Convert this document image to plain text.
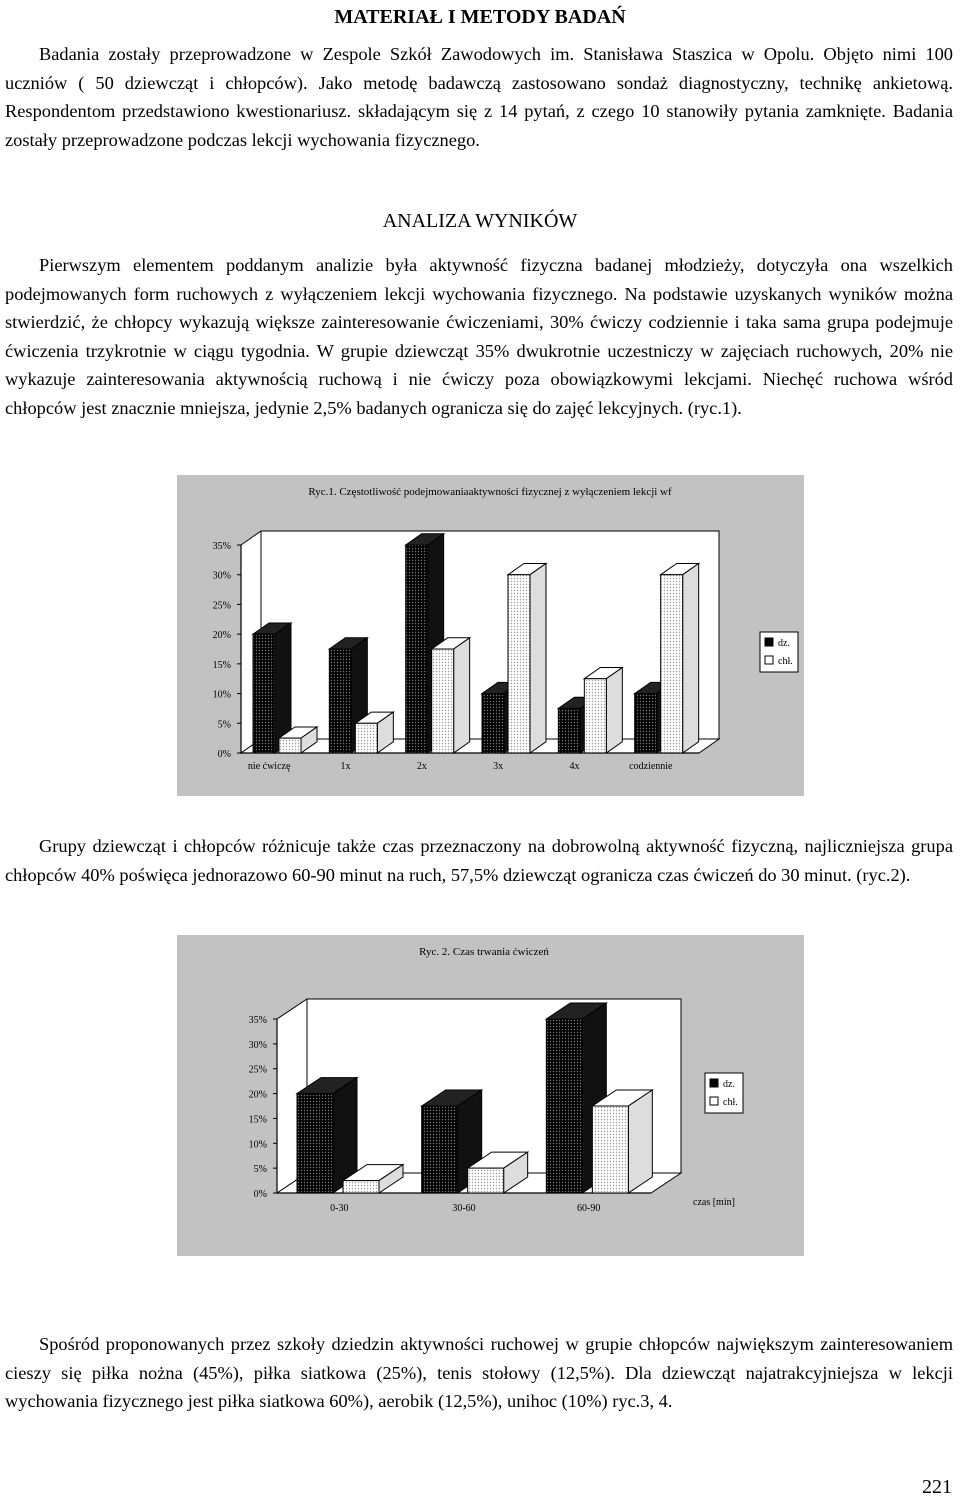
MATERIAŁ I METODY BADAŃ

Badania zostały przeprowadzone w Zespole Szkół Zawodowych im. Stanisława Staszica w Opolu. Objęto nimi 100 uczniów ( 50 dziewcząt i chłopców). Jako metodę badawczą zastosowano sondaż diagnostyczny, technikę ankietową. Respondentom przedstawiono kwestionariusz. składającym się z 14 pytań, z czego 10 stanowiły pytania zamknięte. Badania zostały przeprowadzone podczas lekcji wychowania fizycznego.

ANALIZA WYNIKÓW

Pierwszym elementem poddanym analizie była aktywność fizyczna badanej młodzieży, dotyczyła ona wszelkich podejmowanych form ruchowych z wyłączeniem lekcji wychowania fizycznego. Na podstawie uzyskanych wyników można stwierdzić, że chłopcy wykazują większe zainteresowanie ćwiczeniami, 30% ćwiczy codziennie i taka sama grupa podejmuje ćwiczenia trzykrotnie w ciągu tygodnia. W grupie dziewcząt 35% dwukrotnie uczestniczy w zajęciach ruchowych, 20% nie wykazuje zainteresowania aktywnością ruchową i nie ćwiczy poza obowiązkowymi lekcjami. Niechęć ruchowa wśród chłopców jest znacznie mniejsza, jedynie 2,5% badanych ogranicza się do zajęć lekcyjnych. (ryc.1).

Ryc.1. Częstotliwość podejmowaniaaktywności fizycznej z wyłączeniem lekcji wf
0%
5%
10%
15%
20%
25%
30%
35%
nie ćwiczę	1x	2x	3x	4x	codziennie
dz.
chł.

Grupy dziewcząt i chłopców różnicuje także czas przeznaczony na dobrowolną aktywność fizyczną, najliczniejsza grupa chłopców 40% poświęca jednorazowo 60-90 minut na ruch, 57,5% dziewcząt ogranicza czas ćwiczeń do 30 minut. (ryc.2).

Ryc. 2. Czas trwania ćwiczeń
0%
5%
10%
15%
20%
25%
30%
35%
0-30	30-60	60-90
czas [min]
dz.
chł.

Spośród proponowanych przez szkoły dziedzin aktywności ruchowej w grupie chłopców największym zainteresowaniem cieszy się piłka nożna (45%), piłka siatkowa (25%), tenis stołowy (12,5%). Dla dziewcząt najatrakcyjniejsza w lekcji wychowania fizycznego jest piłka siatkowa 60%), aerobik (12,5%), unihoc (10%) ryc.3, 4.

221
